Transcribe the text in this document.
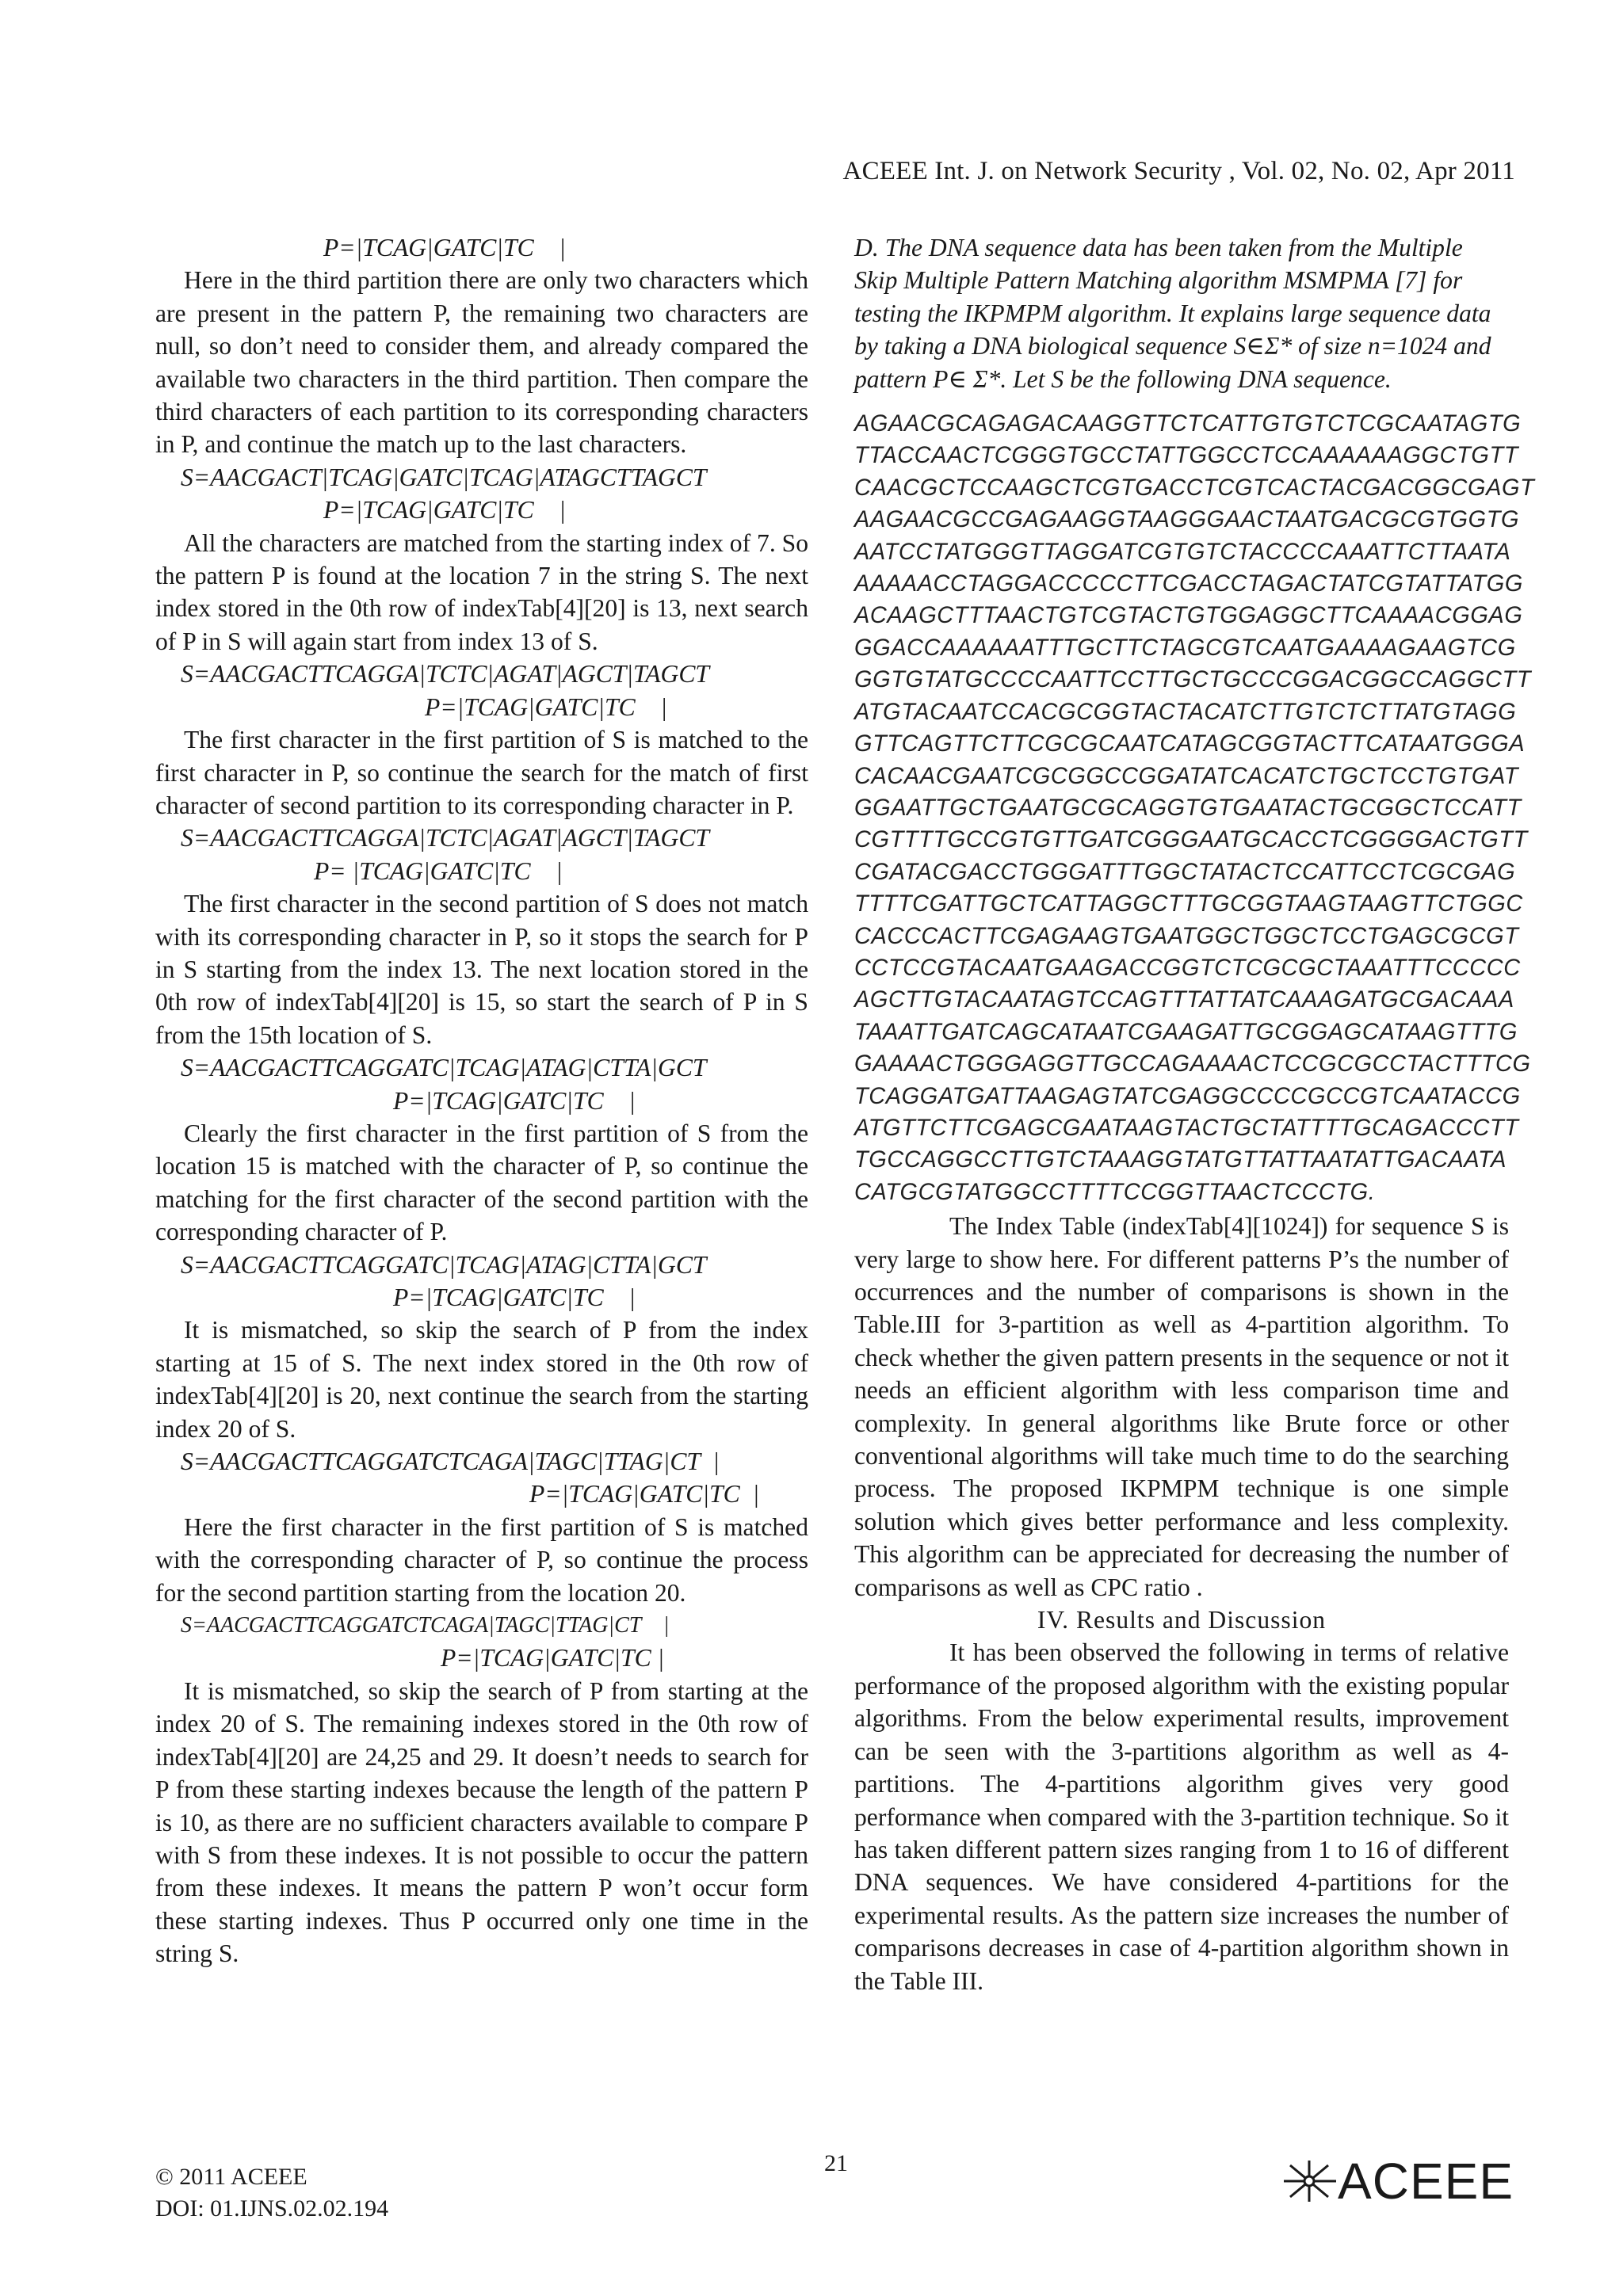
ACEEE Int. J. on Network Security , Vol. 02, No. 02, Apr 2011

P=|TCAG|GATC|TC    |

Here in the third partition there are only two characters which are present in the pattern P, the remaining two characters are null, so don’t need to consider them, and already compared the available two characters in the third partition. Then compare the third characters of each partition to its corresponding characters in P, and continue the match up to the last characters.

S=AACGACT|TCAG|GATC|TCAG|ATAGCTTAGCT

P=|TCAG|GATC|TC    |

All the characters are matched from the starting index of 7. So the pattern P is found at the location 7 in the string S. The next index stored in the 0th row of indexTab[4][20] is 13, next search of P in S will again start from index 13 of S.

S=AACGACTTCAGGA|TCTC|AGAT|AGCT|TAGCT

P=|TCAG|GATC|TC    |

The first character in the first partition of S is matched to the first character in P, so continue the search for the match of first character of second partition to its corresponding character in P.

S=AACGACTTCAGGA|TCTC|AGAT|AGCT|TAGCT

P= |TCAG|GATC|TC    |

The first character in the second partition of S does not match with its corresponding character in P, so it stops the search for P in S starting from the index 13. The next location stored in the 0th row of indexTab[4][20] is 15, so start the search of P in S from the 15th location of S.

S=AACGACTTCAGGATC|TCAG|ATAG|CTTA|GCT

P=|TCAG|GATC|TC    |

Clearly the first character in the first partition of S from the location 15 is matched with the character of P, so continue the matching for the first character of the second partition with the corresponding character of P.

S=AACGACTTCAGGATC|TCAG|ATAG|CTTA|GCT

P=|TCAG|GATC|TC    |

It is mismatched, so skip the search of P from the index starting at 15 of S. The next index stored in the 0th row of indexTab[4][20] is 20, next continue the search from the starting index 20 of S.

S=AACGACTTCAGGATCTCAGA|TAGC|TTAG|CT  |

P=|TCAG|GATC|TC  |

Here the first character in the first partition of S is matched with the corresponding character of P, so continue the process for the second partition starting from the location 20.

S=AACGACTTCAGGATCTCAGA|TAGC|TTAG|CT    |

P=|TCAG|GATC|TC |

It is mismatched, so skip the search of P from starting at the index 20 of S. The remaining indexes stored in the 0th row of indexTab[4][20] are 24,25 and 29. It doesn’t needs to search for P from these starting indexes because the length of the pattern P is 10, as there are no sufficient characters available to compare P with S from these indexes. It is not possible to occur the pattern from these indexes. It means the pattern P won’t occur form these starting indexes. Thus P occurred only one time in the string S.

D. The DNA sequence data has been taken from the Multiple Skip Multiple Pattern Matching algorithm MSMPMA [7] for testing the IKPMPM algorithm. It explains large sequence data by taking a DNA biological sequence S∈Σ* of size n=1024 and pattern P∈ Σ*. Let S be the following DNA sequence.

AGAACGCAGAGACAAGGTTCTCATTGTGTCTCGCAATAGTG
TTACCAACTCGGGTGCCTATTGGCCTCCAAAAAAGGCTGTT
CAACGCTCCAAGCTCGTGACCTCGTCACTACGACGGCGAGT
AAGAACGCCGAGAAGGTAAGGGAACTAATGACGCGTGGTG
AATCCTATGGGTTAGGATCGTGTCTACCCCAAATTCTTAATA
AAAAACCTAGGACCCCCTTCGACCTAGACTATCGTATTATGG
ACAAGCTTTAACTGTCGTACTGTGGAGGCTTCAAAACGGAG
GGACCAAAAAATTTGCTTCTAGCGTCAATGAAAAGAAGTCG
GGTGTATGCCCCAATTCCTTGCTGCCCGGACGGCCAGGCTT
ATGTACAATCCACGCGGTACTACATCTTGTCTCTTATGTAGG
GTTCAGTTCTTCGCGCAATCATAGCGGTACTTCATAATGGGA
CACAACGAATCGCGGCCGGATATCACATCTGCTCCTGTGAT
GGAATTGCTGAATGCGCAGGTGTGAATACTGCGGCTCCATT
CGTTTTGCCGTGTTGATCGGGAATGCACCTCGGGGACTGTT
CGATACGACCTGGGATTTGGCTATACTCCATTCCTCGCGAG
TTTTCGATTGCTCATTAGGCTTTGCGGTAAGTAAGTTCTGGC
CACCCACTTCGAGAAGTGAATGGCTGGCTCCTGAGCGCGT
CCTCCGTACAATGAAGACCGGTCTCGCGCTAAATTTCCCCC
AGCTTGTACAATAGTCCAGTTTATTATCAAAGATGCGACAAA
TAAATTGATCAGCATAATCGAAGATTGCGGAGCATAAGTTTG
GAAAACTGGGAGGTTGCCAGAAAACTCCGCGCCTACTTTCG
TCAGGATGATTAAGAGTATCGAGGCCCCGCCGTCAATACCG
ATGTTCTTCGAGCGAATAAGTACTGCTATTTTGCAGACCCTT
TGCCAGGCCTTGTCTAAAGGTATGTTATTAATATTGACAATA
CATGCGTATGGCCTTTTCCGGTTAACTCCCTG.

The Index Table (indexTab[4][1024]) for sequence S is very large to show here. For different patterns P’s the number of occurrences and the number of comparisons is shown in the Table.III for 3-partition as well as 4-partition algorithm. To check whether the given pattern presents in the sequence or not it needs an efficient algorithm with less comparison time and complexity. In general algorithms like Brute force or other conventional algorithms will take much time to do the searching process. The proposed IKPMPM technique is one simple solution which gives better performance and less complexity. This algorithm can be appreciated for decreasing the number of comparisons as well as CPC ratio .

IV. Results and Discussion

It has been observed the following in terms of relative performance of the proposed algorithm with the existing popular algorithms. From the below experimental results, improvement can be seen with the 3-partitions algorithm as well as 4-partitions. The 4-partitions algorithm gives very good performance when compared with the 3-partition technique. So it has taken different pattern sizes ranging from 1 to 16 of different DNA sequences. We have considered 4-partitions for the experimental results. As the pattern size increases the number of comparisons decreases in case of 4-partition algorithm shown in the Table III.

© 2011 ACEEE
DOI: 01.IJNS.02.02.194
21	ACEEE
